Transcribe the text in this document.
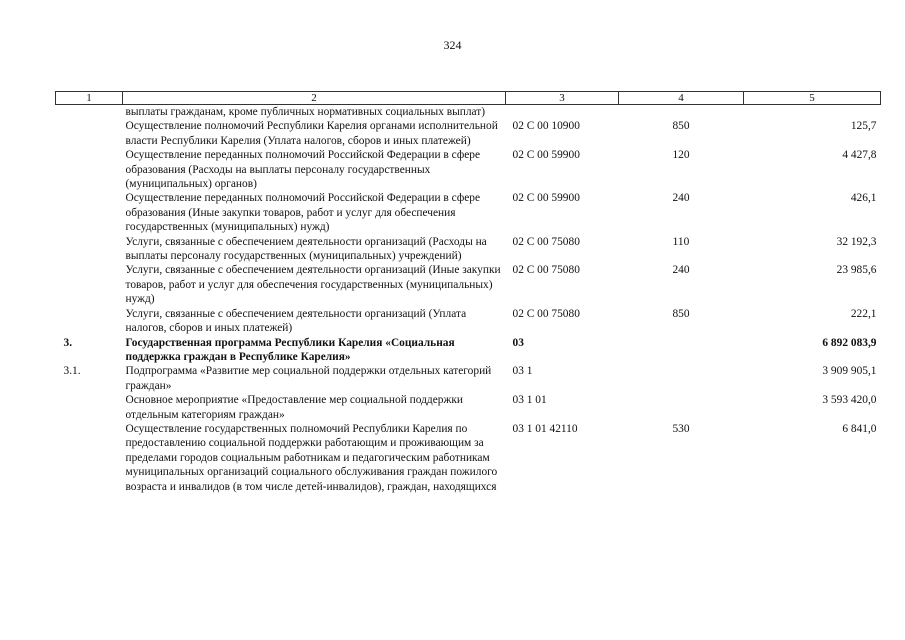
324
1	2	3	4	5
	выплаты гражданам, кроме публичных нормативных социальных выплат)			
	Осуществление полномочий Республики Карелия органами исполнительной власти Республики Карелия (Уплата налогов, сборов и иных платежей)	02 С 00 10900	850	125,7
	Осуществление переданных полномочий Российской Федерации в сфере образования (Расходы на выплаты персоналу государственных (муниципальных) органов)	02 С 00 59900	120	4 427,8
	Осуществление переданных полномочий Российской Федерации в сфере образования (Иные закупки товаров, работ и услуг для обеспечения государственных (муниципальных) нужд)	02 С 00 59900	240	426,1
	Услуги, связанные с обеспечением деятельности организаций (Расходы на выплаты персоналу государственных (муниципальных) учреждений)	02 С 00 75080	110	32 192,3
	Услуги, связанные с обеспечением деятельности организаций (Иные закупки товаров, работ и услуг для обеспечения государственных (муниципальных) нужд)	02 С 00 75080	240	23 985,6
	Услуги, связанные с обеспечением деятельности организаций (Уплата налогов, сборов и иных платежей)	02 С 00 75080	850	222,1
3.	Государственная программа Республики Карелия «Социальная поддержка граждан в Республике Карелия»	03		6 892 083,9
3.1.	Подпрограмма «Развитие мер социальной поддержки отдельных категорий граждан»	03 1		3 909 905,1
	Основное мероприятие «Предоставление мер социальной поддержки отдельным категориям граждан»	03 1 01		3 593 420,0
	Осуществление государственных полномочий Республики Карелия по предоставлению социальной поддержки работающим и проживающим за пределами городов социальным работникам и педагогическим работникам муниципальных организаций социального обслуживания граждан пожилого возраста и инвалидов (в том числе детей-инвалидов), граждан, находящихся	03 1 01 42110	530	6 841,0
